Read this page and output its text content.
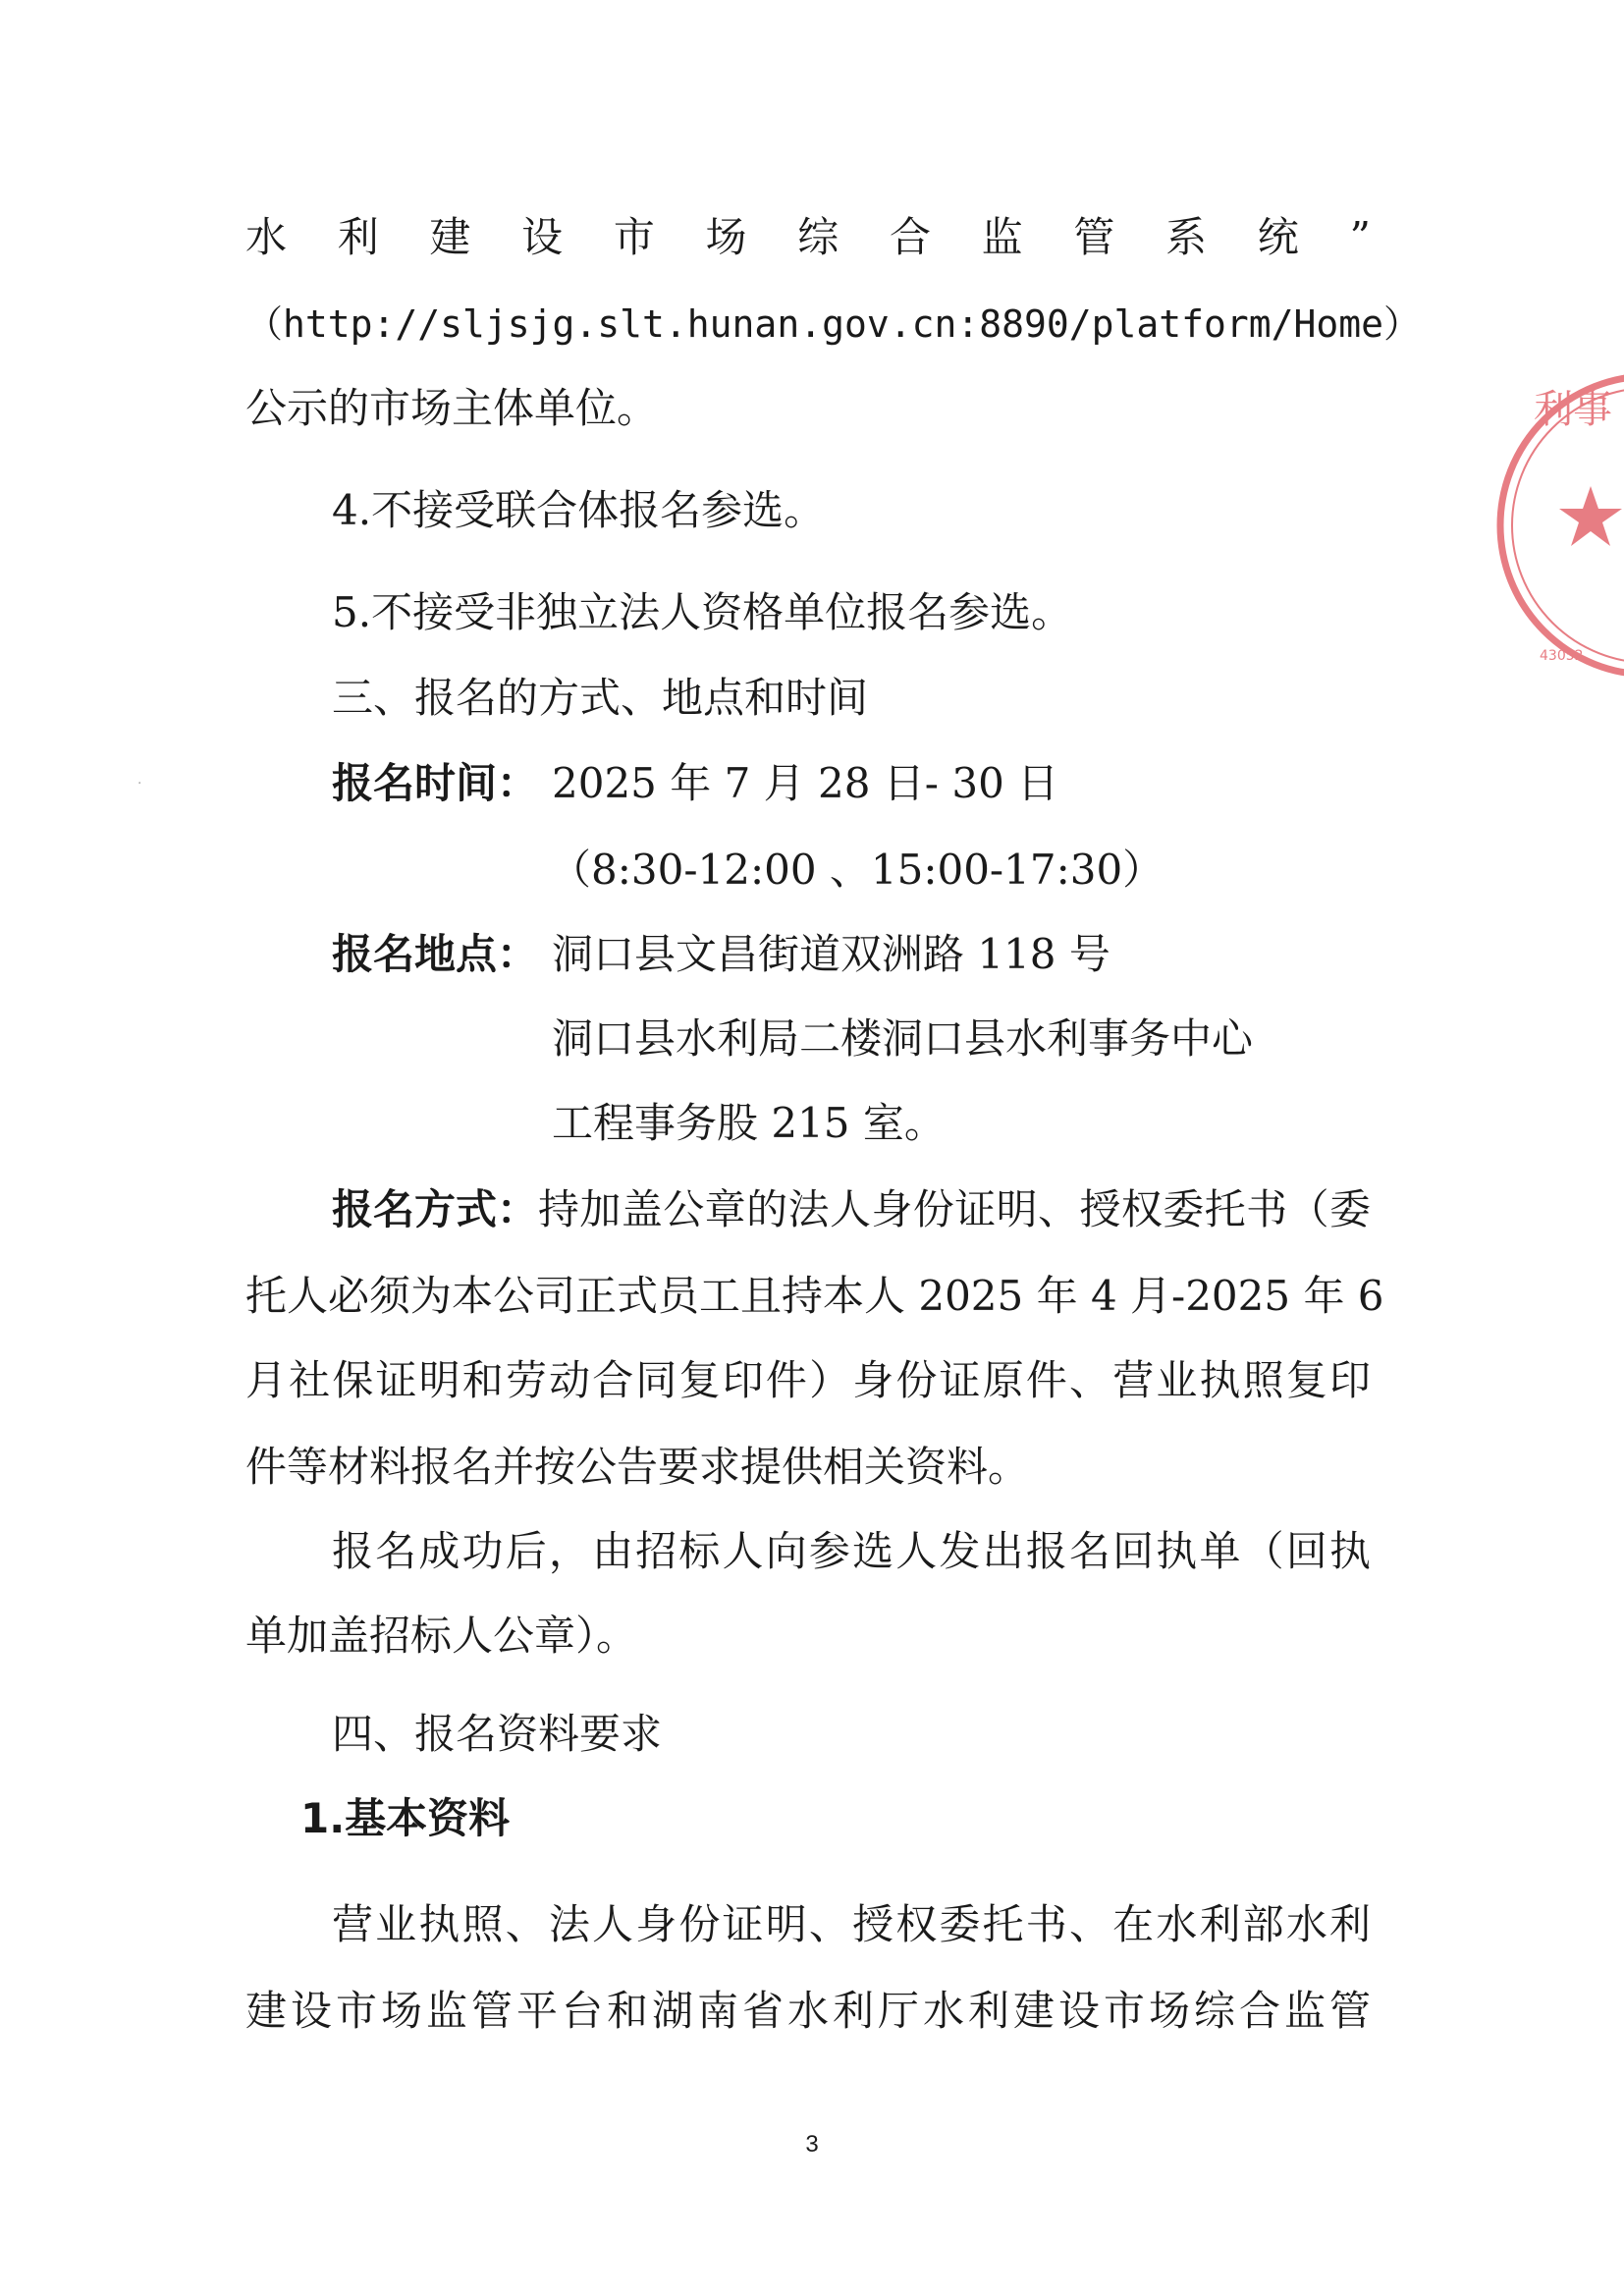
水利建设市场综合监管系统”

（http://sljsjg.slt.hunan.gov.cn:8890/platform/Home）

公示的市场主体单位。

4.不接受联合体报名参选。

5.不接受非独立法人资格单位报名参选。

三、报名的方式、地点和时间

报名时间： 2025 年 7 月 28 日- 30 日

（8:30-12:00 、15:00-17:30）

报名地点： 洞口县文昌街道双洲路 118 号

洞口县水利局二楼洞口县水利事务中心

工程事务股 215 室。

报名方式： 持加盖公章的法人身份证明、授权委托书（委

托人必须为本公司正式员工且持本人 2025 年 4 月-2025 年 6

月社保证明和劳动合同复印件）身份证原件、营业执照复印

件等材料报名并按公告要求提供相关资料。

报名成功后，由招标人向参选人发出报名回执单（回执

单加盖招标人公章）。

四、报名资料要求

1.基本资料

营业执照、法人身份证明、授权委托书、在水利部水利

建设市场监管平台和湖南省水利厅水利建设市场综合监管

3
·
利事
43052
